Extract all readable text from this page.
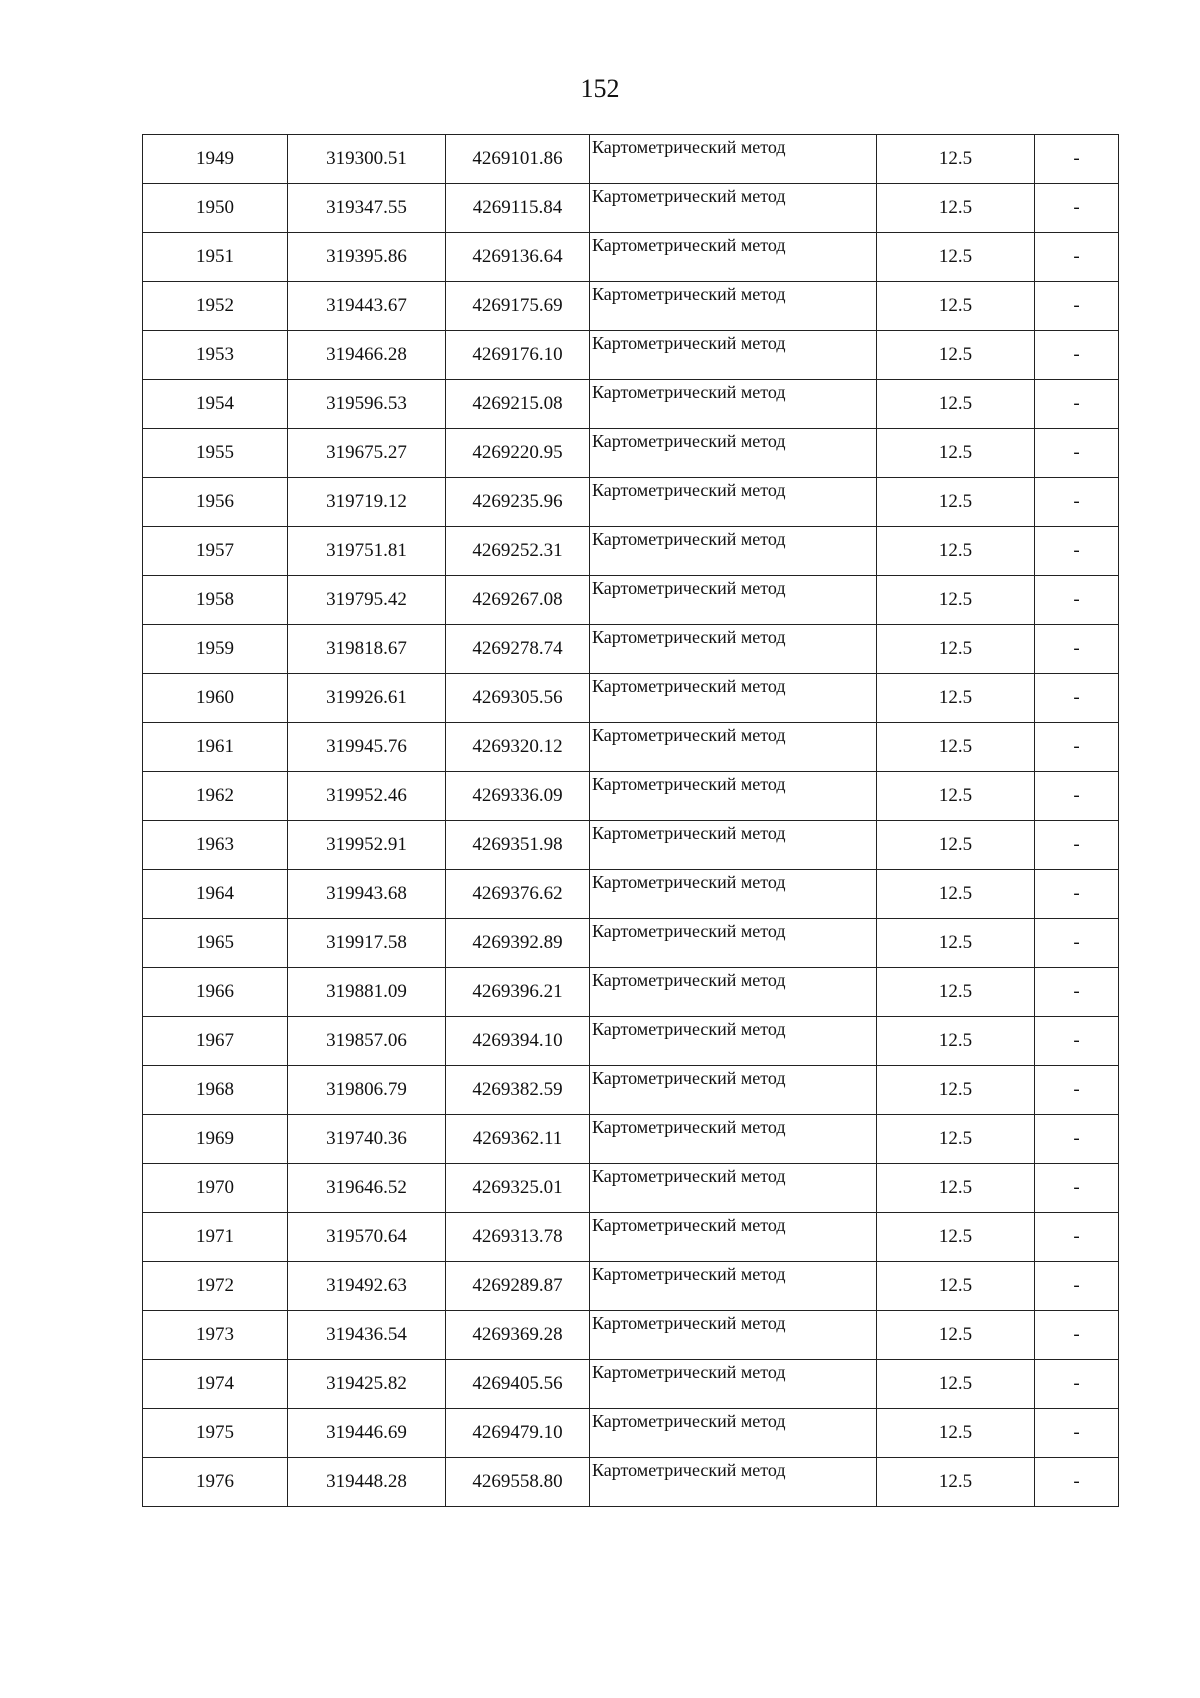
152
1949	319300.51	4269101.86	Картометрический метод	12.5	-
1950	319347.55	4269115.84	Картометрический метод	12.5	-
1951	319395.86	4269136.64	Картометрический метод	12.5	-
1952	319443.67	4269175.69	Картометрический метод	12.5	-
1953	319466.28	4269176.10	Картометрический метод	12.5	-
1954	319596.53	4269215.08	Картометрический метод	12.5	-
1955	319675.27	4269220.95	Картометрический метод	12.5	-
1956	319719.12	4269235.96	Картометрический метод	12.5	-
1957	319751.81	4269252.31	Картометрический метод	12.5	-
1958	319795.42	4269267.08	Картометрический метод	12.5	-
1959	319818.67	4269278.74	Картометрический метод	12.5	-
1960	319926.61	4269305.56	Картометрический метод	12.5	-
1961	319945.76	4269320.12	Картометрический метод	12.5	-
1962	319952.46	4269336.09	Картометрический метод	12.5	-
1963	319952.91	4269351.98	Картометрический метод	12.5	-
1964	319943.68	4269376.62	Картометрический метод	12.5	-
1965	319917.58	4269392.89	Картометрический метод	12.5	-
1966	319881.09	4269396.21	Картометрический метод	12.5	-
1967	319857.06	4269394.10	Картометрический метод	12.5	-
1968	319806.79	4269382.59	Картометрический метод	12.5	-
1969	319740.36	4269362.11	Картометрический метод	12.5	-
1970	319646.52	4269325.01	Картометрический метод	12.5	-
1971	319570.64	4269313.78	Картометрический метод	12.5	-
1972	319492.63	4269289.87	Картометрический метод	12.5	-
1973	319436.54	4269369.28	Картометрический метод	12.5	-
1974	319425.82	4269405.56	Картометрический метод	12.5	-
1975	319446.69	4269479.10	Картометрический метод	12.5	-
1976	319448.28	4269558.80	Картометрический метод	12.5	-
